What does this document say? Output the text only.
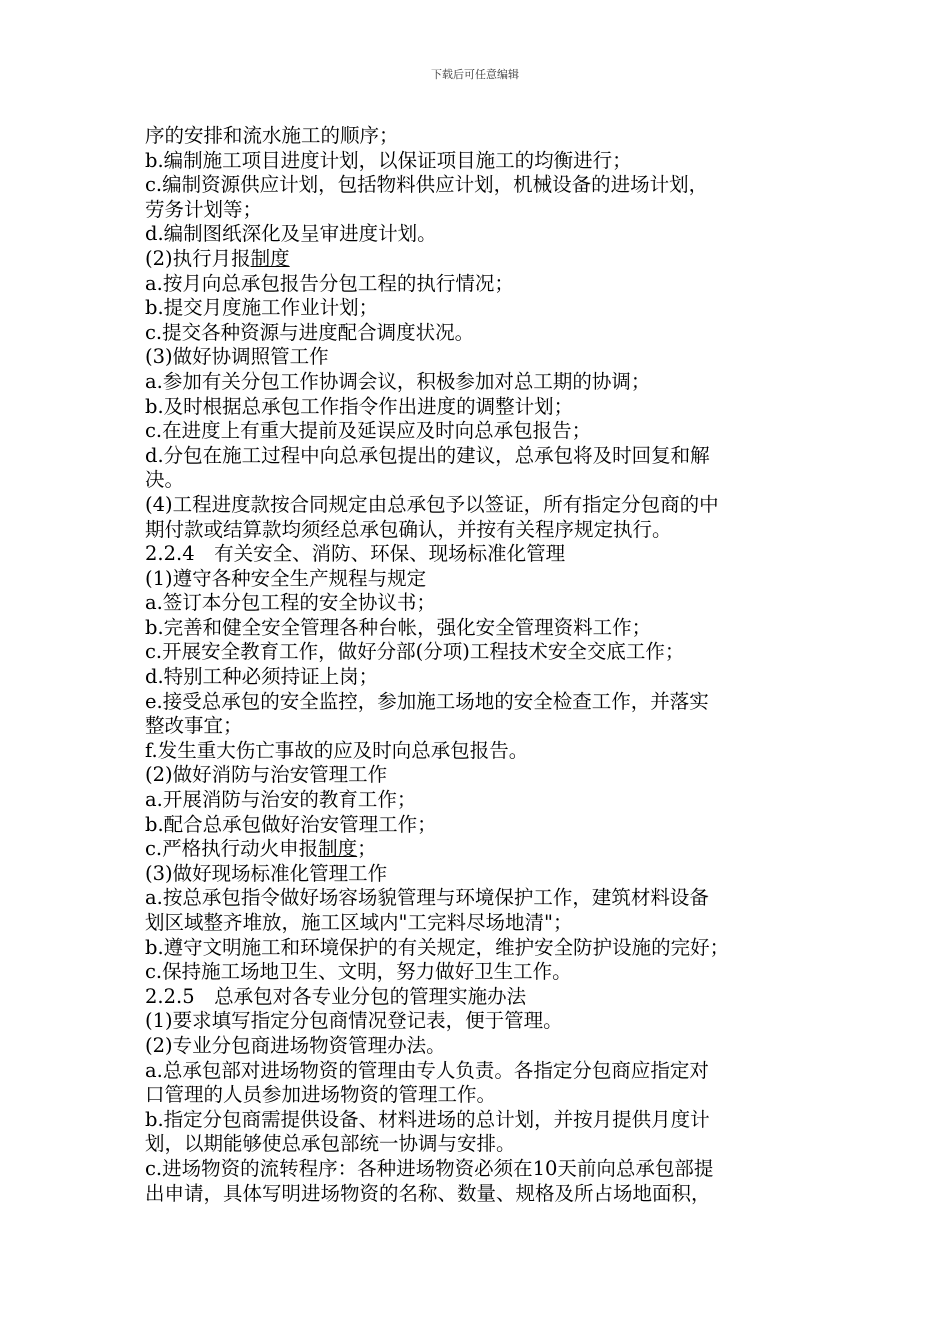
下载后可任意编辑
序的安排和流水施工的顺序；
b.编制施工项目进度计划，以保证项目施工的均衡进行；
c.编制资源供应计划，包括物料供应计划，机械设备的进场计划，
劳务计划等；
d.编制图纸深化及呈审进度计划。
(2)执行月报制度
a.按月向总承包报告分包工程的执行情况；
b.提交月度施工作业计划；
c.提交各种资源与进度配合调度状况。
(3)做好协调照管工作
a.参加有关分包工作协调会议，积极参加对总工期的协调；
b.及时根据总承包工作指令作出进度的调整计划；
c.在进度上有重大提前及延误应及时向总承包报告；
d.分包在施工过程中向总承包提出的建议，总承包将及时回复和解
决。
(4)工程进度款按合同规定由总承包予以签证，所有指定分包商的中
期付款或结算款均须经总承包确认，并按有关程序规定执行。
2.2.4　有关安全、消防、环保、现场标准化管理
(1)遵守各种安全生产规程与规定
a.签订本分包工程的安全协议书；
b.完善和健全安全管理各种台帐，强化安全管理资料工作；
c.开展安全教育工作，做好分部(分项)工程技术安全交底工作；
d.特别工种必须持证上岗；
e.接受总承包的安全监控，参加施工场地的安全检查工作，并落实
整改事宜；
f.发生重大伤亡事故的应及时向总承包报告。
(2)做好消防与治安管理工作
a.开展消防与治安的教育工作；
b.配合总承包做好治安管理工作；
c.严格执行动火申报制度；
(3)做好现场标准化管理工作
a.按总承包指令做好场容场貌管理与环境保护工作，建筑材料设备
划区域整齐堆放，施工区域内"工完料尽场地清"；
b.遵守文明施工和环境保护的有关规定，维护安全防护设施的完好；
c.保持施工场地卫生、文明，努力做好卫生工作。
2.2.5　总承包对各专业分包的管理实施办法
(1)要求填写指定分包商情况登记表，便于管理。
(2)专业分包商进场物资管理办法。
a.总承包部对进场物资的管理由专人负责。各指定分包商应指定对
口管理的人员参加进场物资的管理工作。
b.指定分包商需提供设备、材料进场的总计划，并按月提供月度计
划，以期能够使总承包部统一协调与安排。
c.进场物资的流转程序：各种进场物资必须在10天前向总承包部提
出申请，具体写明进场物资的名称、数量、规格及所占场地面积，
